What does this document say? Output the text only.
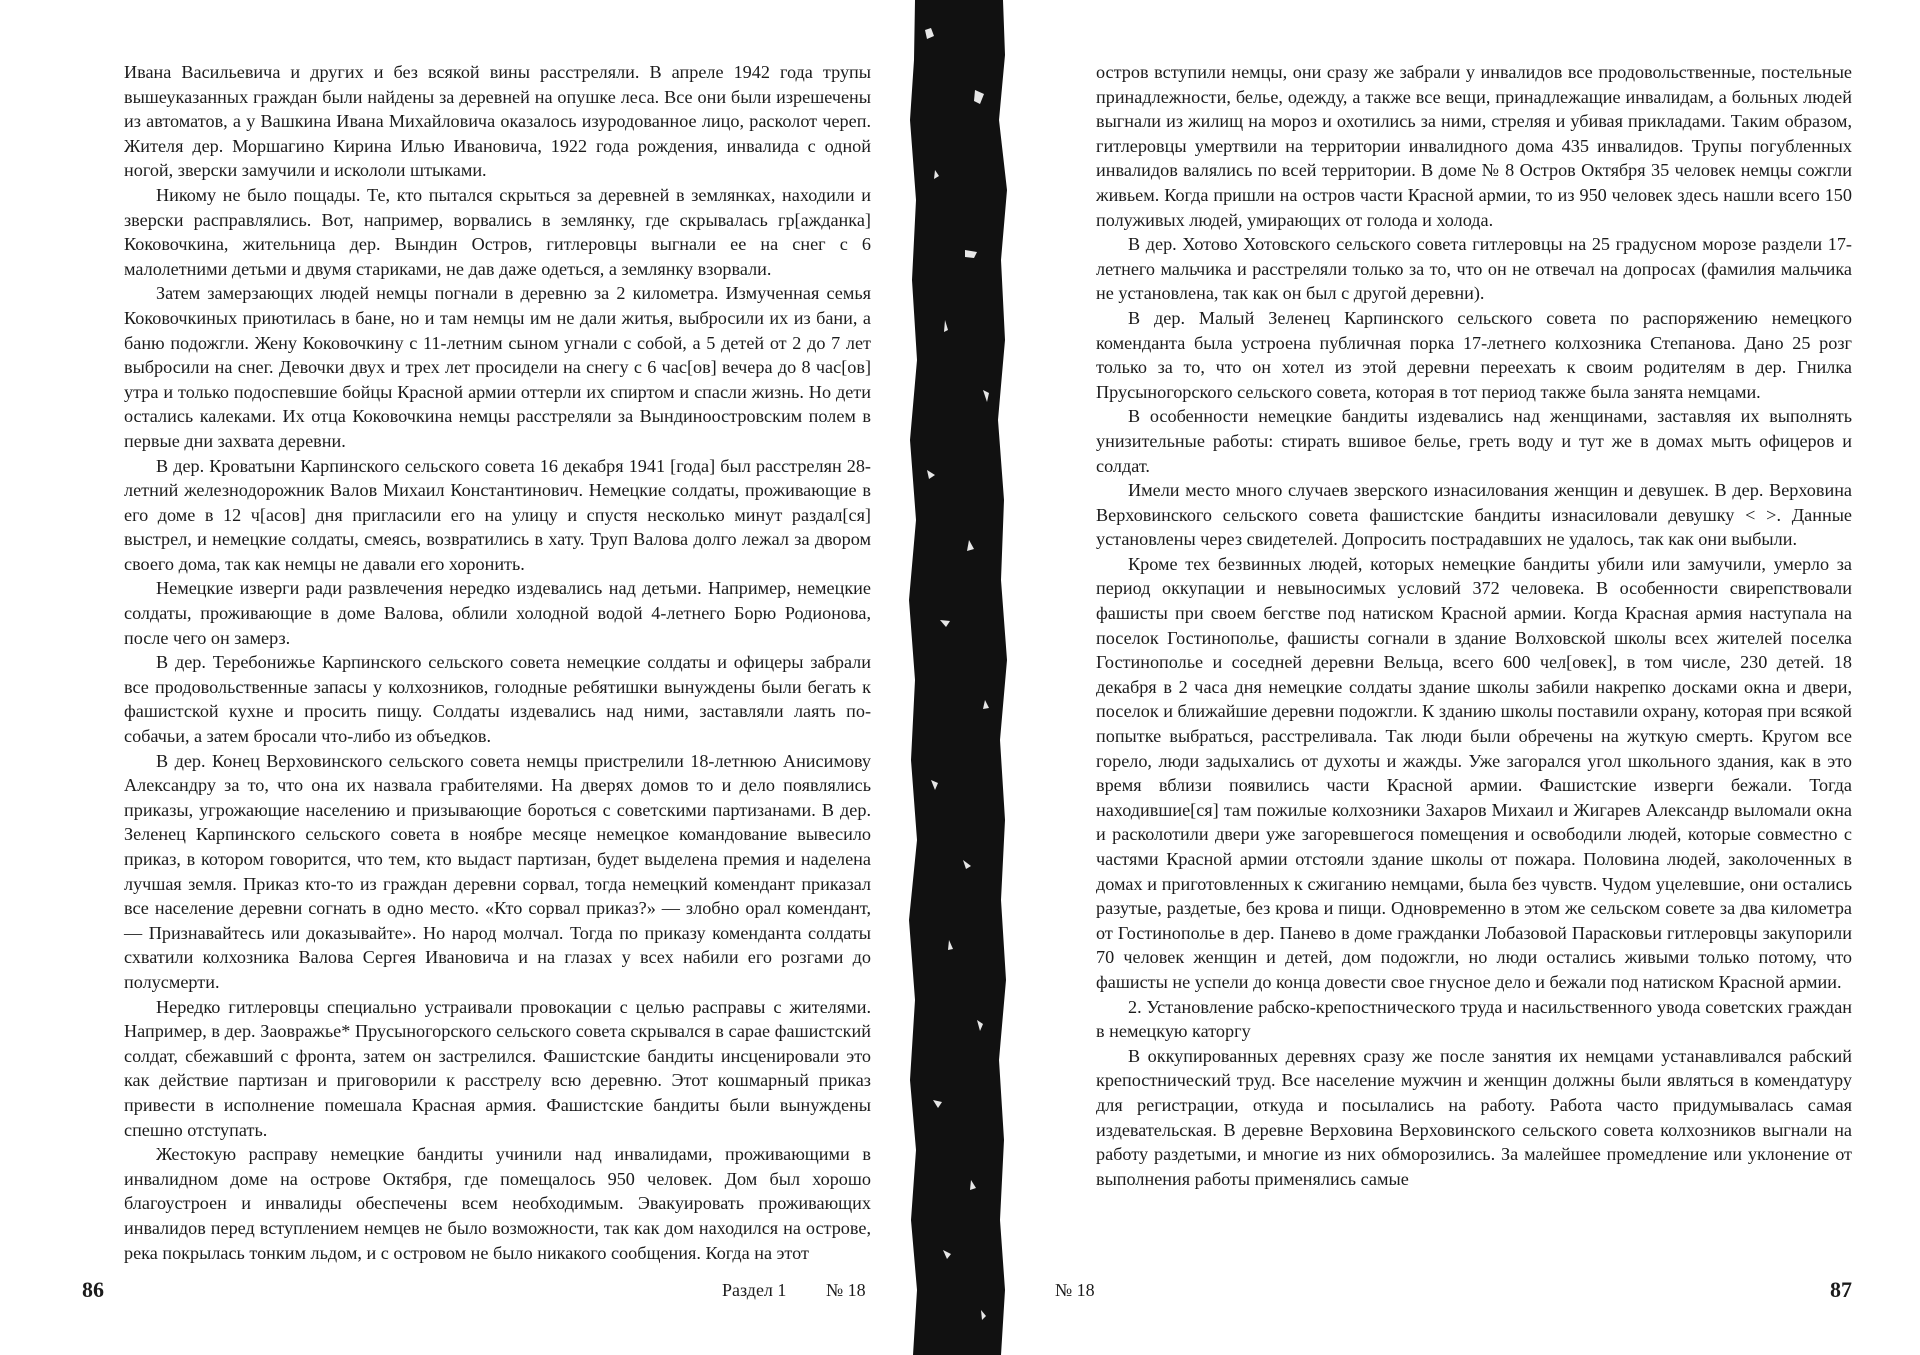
Ивана Васильевича и других и без всякой вины расстреляли. В апреле 1942 года трупы вышеуказанных граждан были найдены за деревней на опушке леса. Все они были изрешечены из автоматов, а у Вашкина Ивана Михайловича оказалось изуродованное лицо, расколот череп. Жителя дер. Моршагино Кирина Илью Ивановича, 1922 года рождения, инвалида с одной ногой, зверски замучили и искололи штыками.

Никому не было пощады. Те, кто пытался скрыться за деревней в землянках, находили и зверски расправлялись. Вот, например, ворвались в землянку, где скрывалась гр[ажданка] Коковочкина, жительница дер. Вындин Остров, гитлеровцы выгнали ее на снег с 6 малолетними детьми и двумя стариками, не дав даже одеться, а землянку взорвали.

Затем замерзающих людей немцы погнали в деревню за 2 километра. Измученная семья Коковочкиных приютилась в бане, но и там немцы им не дали житья, выбросили их из бани, а баню подожгли. Жену Коковочкину с 11-летним сыном угнали с собой, а 5 детей от 2 до 7 лет выбросили на снег. Девочки двух и трех лет просидели на снегу с 6 час[ов] вечера до 8 час[ов] утра и только подоспевшие бойцы Красной армии оттерли их спиртом и спасли жизнь. Но дети остались калеками. Их отца Коковочкина немцы расстреляли за Вындиноостровским полем в первые дни захвата деревни.

В дер. Кроватыни Карпинского сельского совета 16 декабря 1941 [года] был расстрелян 28-летний железнодорожник Валов Михаил Константинович. Немецкие солдаты, проживающие в его доме в 12 ч[асов] дня пригласили его на улицу и спустя несколько минут раздал[ся] выстрел, и немецкие солдаты, смеясь, возвратились в хату. Труп Валова долго лежал за двором своего дома, так как немцы не давали его хоронить.

Немецкие изверги ради развлечения нередко издевались над детьми. Например, немецкие солдаты, проживающие в доме Валова, облили холодной водой 4-летнего Борю Родионова, после чего он замерз.

В дер. Теребонижье Карпинского сельского совета немецкие солдаты и офицеры забрали все продовольственные запасы у колхозников, голодные ребятишки вынуждены были бегать к фашистской кухне и просить пищу. Солдаты издевались над ними, заставляли лаять по-собачьи, а затем бросали что-либо из объедков.

В дер. Конец Верховинского сельского совета немцы пристрелили 18-летнюю Анисимову Александру за то, что она их назвала грабителями. На дверях домов то и дело появлялись приказы, угрожающие населению и призывающие бороться с советскими партизанами. В дер. Зеленец Карпинского сельского совета в ноябре месяце немецкое командование вывесило приказ, в котором говорится, что тем, кто выдаст партизан, будет выделена премия и наделена лучшая земля. Приказ кто-то из граждан деревни сорвал, тогда немецкий комендант приказал все население деревни согнать в одно место. «Кто сорвал приказ?» — злобно орал комендант, — Признавайтесь или доказывайте». Но народ молчал. Тогда по приказу коменданта солдаты схватили колхозника Валова Сергея Ивановича и на глазах у всех набили его розгами до полусмерти.

Нередко гитлеровцы специально устраивали провокации с целью расправы с жителями. Например, в дер. Заовражье* Прусыногорского сельского совета скрывался в сарае фашистский солдат, сбежавший с фронта, затем он застрелился. Фашистские бандиты инсценировали это как действие партизан и приговорили к расстрелу всю деревню. Этот кошмарный приказ привести в исполнение помешала Красная армия. Фашистские бандиты были вынуждены спешно отступать.

Жестокую расправу немецкие бандиты учинили над инвалидами, проживающими в инвалидном доме на острове Октября, где помещалось 950 человек. Дом был хорошо благоустроен и инвалиды обеспечены всем необходимым. Эвакуировать проживающих инвалидов перед вступлением немцев не было возможности, так как дом находился на острове, река покрылась тонким льдом, и с островом не было никакого сообщения. Когда на этот

86	Раздел 1 № 18

остров вступили немцы, они сразу же забрали у инвалидов все продовольственные, постельные принадлежности, белье, одежду, а также все вещи, принадлежащие инвалидам, а больных людей выгнали из жилищ на мороз и охотились за ними, стреляя и убивая прикладами. Таким образом, гитлеровцы умертвили на территории инвалидного дома 435 инвалидов. Трупы погубленных инвалидов валялись по всей территории. В доме № 8 Остров Октября 35 человек немцы сожгли живьем. Когда пришли на остров части Красной армии, то из 950 человек здесь нашли всего 150 полуживых людей, умирающих от голода и холода.

В дер. Хотово Хотовского сельского совета гитлеровцы на 25 градусном морозе раздели 17-летнего мальчика и расстреляли только за то, что он не отвечал на допросах (фамилия мальчика не установлена, так как он был с другой деревни).

В дер. Малый Зеленец Карпинского сельского совета по распоряжению немецкого коменданта была устроена публичная порка 17-летнего колхозника Степанова. Дано 25 розг только за то, что он хотел из этой деревни переехать к своим родителям в дер. Гнилка Прусыногорского сельского совета, которая в тот период также была занята немцами.

В особенности немецкие бандиты издевались над женщинами, заставляя их выполнять унизительные работы: стирать вшивое белье, греть воду и тут же в домах мыть офицеров и солдат.

Имели место много случаев зверского изнасилования женщин и девушек. В дер. Верховина Верховинского сельского совета фашистские бандиты изнасиловали девушку < >. Данные установлены через свидетелей. Допросить пострадавших не удалось, так как они выбыли.

Кроме тех безвинных людей, которых немецкие бандиты убили или замучили, умерло за период оккупации и невыносимых условий 372 человека. В особенности свирепствовали фашисты при своем бегстве под натиском Красной армии. Когда Красная армия наступала на поселок Гостинополье, фашисты согнали в здание Волховской школы всех жителей поселка Гостинополье и соседней деревни Вельца, всего 600 чел[овек], в том числе, 230 детей. 18 декабря в 2 часа дня немецкие солдаты здание школы забили накрепко досками окна и двери, поселок и ближайшие деревни подожгли. К зданию школы поставили охрану, которая при всякой попытке выбраться, расстреливала. Так люди были обречены на жуткую смерть. Кругом все горело, люди задыхались от духоты и жажды. Уже загорался угол школьного здания, как в это время вблизи появились части Красной армии. Фашистские изверги бежали. Тогда находившие[ся] там пожилые колхозники Захаров Михаил и Жигарев Александр выломали окна и расколотили двери уже загоревшегося помещения и освободили людей, которые совместно с частями Красной армии отстояли здание школы от пожара. Половина людей, заколоченных в домах и приготовленных к сжиганию немцами, была без чувств. Чудом уцелевшие, они остались разутые, раздетые, без крова и пищи. Одновременно в этом же сельском совете за два километра от Гостинополье в дер. Панево в доме гражданки Лобазовой Парасковьи гитлеровцы закупорили 70 человек женщин и детей, дом подожгли, но люди остались живыми только потому, что фашисты не успели до конца довести свое гнусное дело и бежали под натиском Красной армии.

2. Установление рабско-крепостнического труда и насильственного увода советских граждан в немецкую каторгу

В оккупированных деревнях сразу же после занятия их немцами устанавливался рабский крепостнический труд. Все население мужчин и женщин должны были являться в комендатуру для регистрации, откуда и посылались на работу. Работа часто придумывалась самая издевательская. В деревне Верховина Верховинского сельского совета колхозников выгнали на работу раздетыми, и многие из них обморозились. За малейшее промедление или уклонение от выполнения работы применялись самые

№ 18	87
